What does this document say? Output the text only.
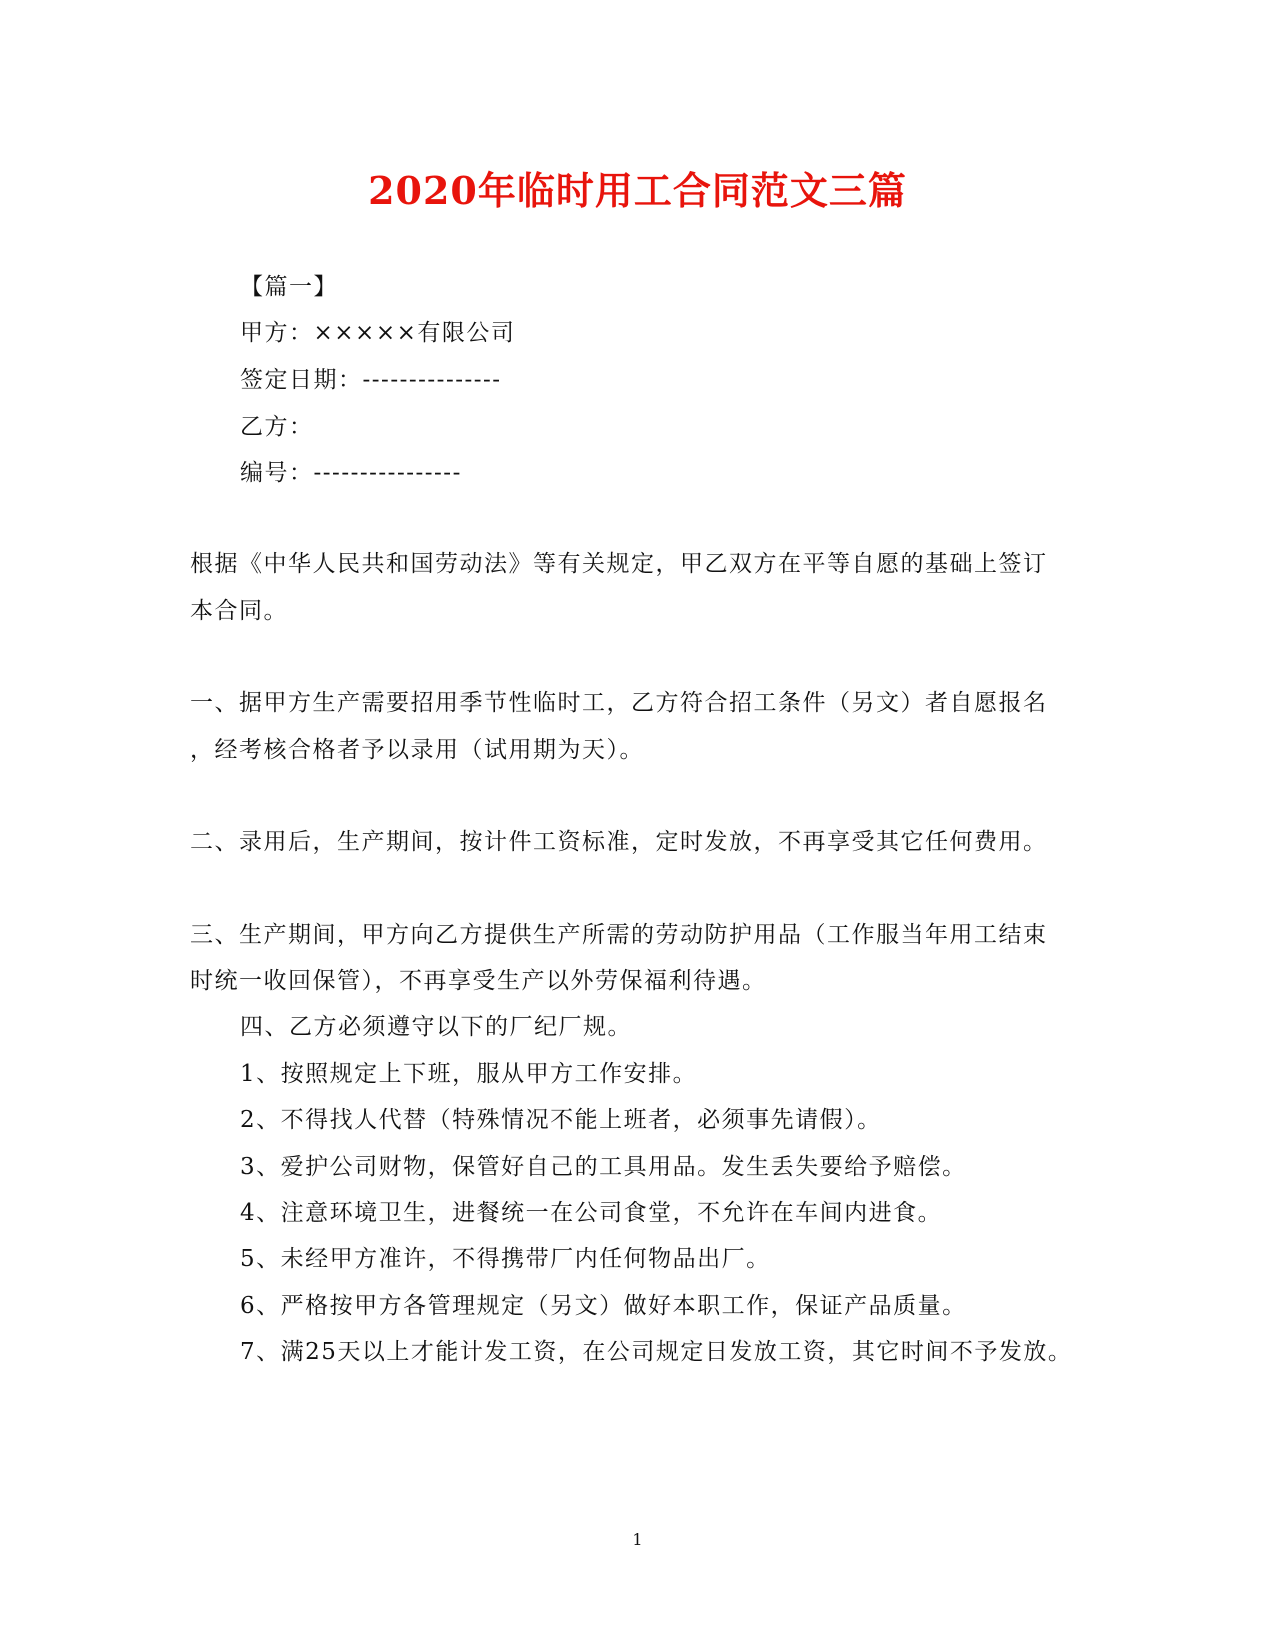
2020年临时用工合同范文三篇
【篇一】
甲方：×××××有限公司
签定日期：---------------
乙方：
编号：----------------
根据《中华人民共和国劳动法》等有关规定，甲乙双方在平等自愿的基础上签订
本合同。
一、据甲方生产需要招用季节性临时工，乙方符合招工条件（另文）者自愿报名
，经考核合格者予以录用（试用期为天）。
二、录用后，生产期间，按计件工资标准，定时发放，不再享受其它任何费用。
三、生产期间，甲方向乙方提供生产所需的劳动防护用品（工作服当年用工结束
时统一收回保管），不再享受生产以外劳保福利待遇。
四、乙方必须遵守以下的厂纪厂规。
1、按照规定上下班，服从甲方工作安排。
2、不得找人代替（特殊情况不能上班者，必须事先请假）。
3、爱护公司财物，保管好自己的工具用品。发生丢失要给予赔偿。
4、注意环境卫生，进餐统一在公司食堂，不允许在车间内进食。
5、未经甲方准许，不得携带厂内任何物品出厂。
6、严格按甲方各管理规定（另文）做好本职工作，保证产品质量。
7、满25天以上才能计发工资，在公司规定日发放工资，其它时间不予发放。
1
